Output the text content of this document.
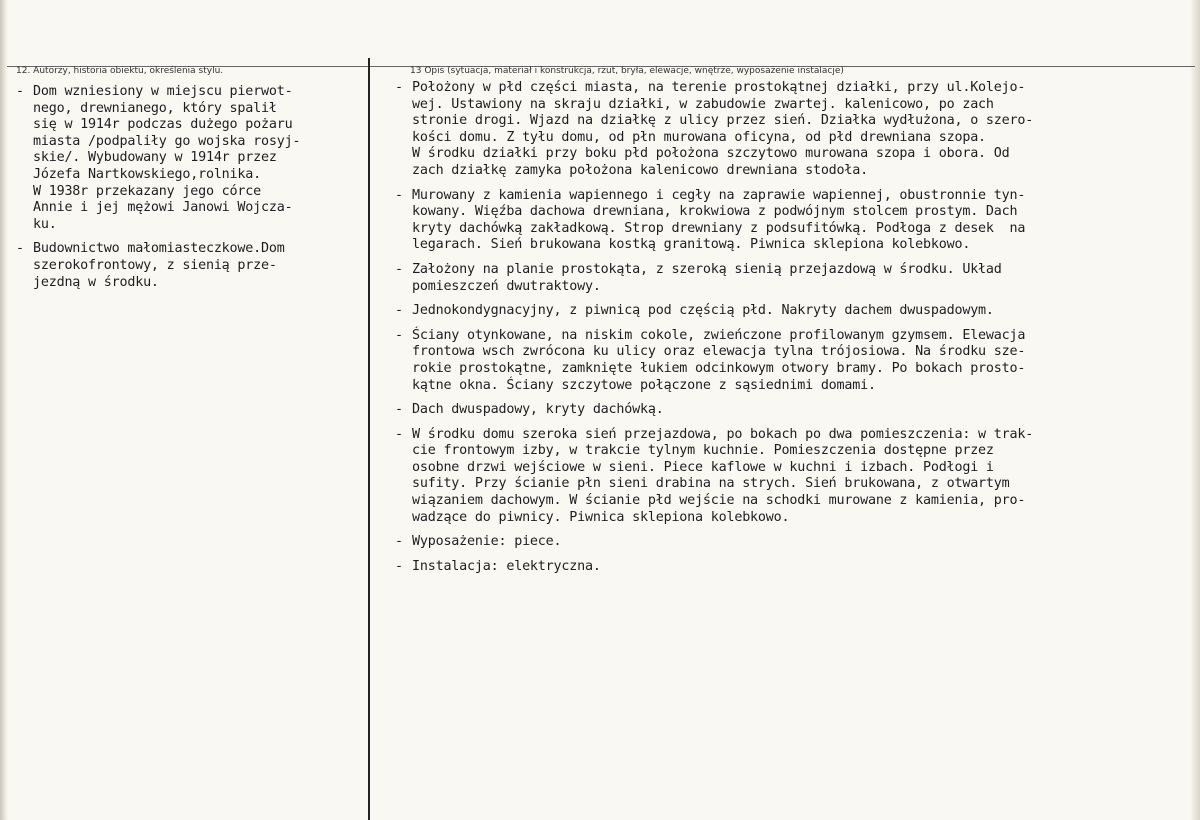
12. Autorzy, historia obiektu, określenia stylu.	13 Opis (sytuacja, materiał i konstrukcja, rzut, bryła, elewacje, wnętrze, wyposażenie instalacje)
- Dom wzniesiony w miejscu pierwot-
nego, drewnianego, który spalił
się w 1914r podczas dużego pożaru
miasta /podpaliły go wojska rosyj-
skie/. Wybudowany w 1914r przez
Józefa Nartkowskiego,rolnika.
W 1938r przekazany jego córce
Annie i jej mężowi Janowi Wojcza-
ku.
- Budownictwo małomiasteczkowe.Dom
szerokofrontowy, z sienią prze-
jezdną w środku.
- Położony w płd części miasta, na terenie prostokątnej działki, przy ul.Kolejo-
wej. Ustawiony na skraju działki, w zabudowie zwartej. kalenicowo, po zach
stronie drogi. Wjazd na działkę z ulicy przez sień. Działka wydłużona, o szero-
kości domu. Z tyłu domu, od płn murowana oficyna, od płd drewniana szopa.
W środku działki przy boku płd położona szczytowo murowana szopa i obora. Od
zach działkę zamyka położona kalenicowo drewniana stodoła.
- Murowany z kamienia wapiennego i cegły na zaprawie wapiennej, obustronnie tyn-
kowany. Więźba dachowa drewniana, krokwiowa z podwójnym stolcem prostym. Dach
kryty dachówką zakładkową. Strop drewniany z podsufitówką. Podłoga z desek  na
legarach. Sień brukowana kostką granitową. Piwnica sklepiona kolebkowo.
- Założony na planie prostokąta, z szeroką sienią przejazdową w środku. Układ
pomieszczeń dwutraktowy.
- Jednokondygnacyjny, z piwnicą pod częścią płd. Nakryty dachem dwuspadowym.
- Ściany otynkowane, na niskim cokole, zwieńczone profilowanym gzymsem. Elewacja
frontowa wsch zwrócona ku ulicy oraz elewacja tylna trójosiowa. Na środku sze-
rokie prostokątne, zamknięte łukiem odcinkowym otwory bramy. Po bokach prosto-
kątne okna. Ściany szczytowe połączone z sąsiednimi domami.
- Dach dwuspadowy, kryty dachówką.
- W środku domu szeroka sień przejazdowa, po bokach po dwa pomieszczenia: w trak-
cie frontowym izby, w trakcie tylnym kuchnie. Pomieszczenia dostępne przez
osobne drzwi wejściowe w sieni. Piece kaflowe w kuchni i izbach. Podłogi i
sufity. Przy ścianie płn sieni drabina na strych. Sień brukowana, z otwartym
wiązaniem dachowym. W ścianie płd wejście na schodki murowane z kamienia, pro-
wadzące do piwnicy. Piwnica sklepiona kolebkowo.
- Wyposażenie: piece.
- Instalacja: elektryczna.
